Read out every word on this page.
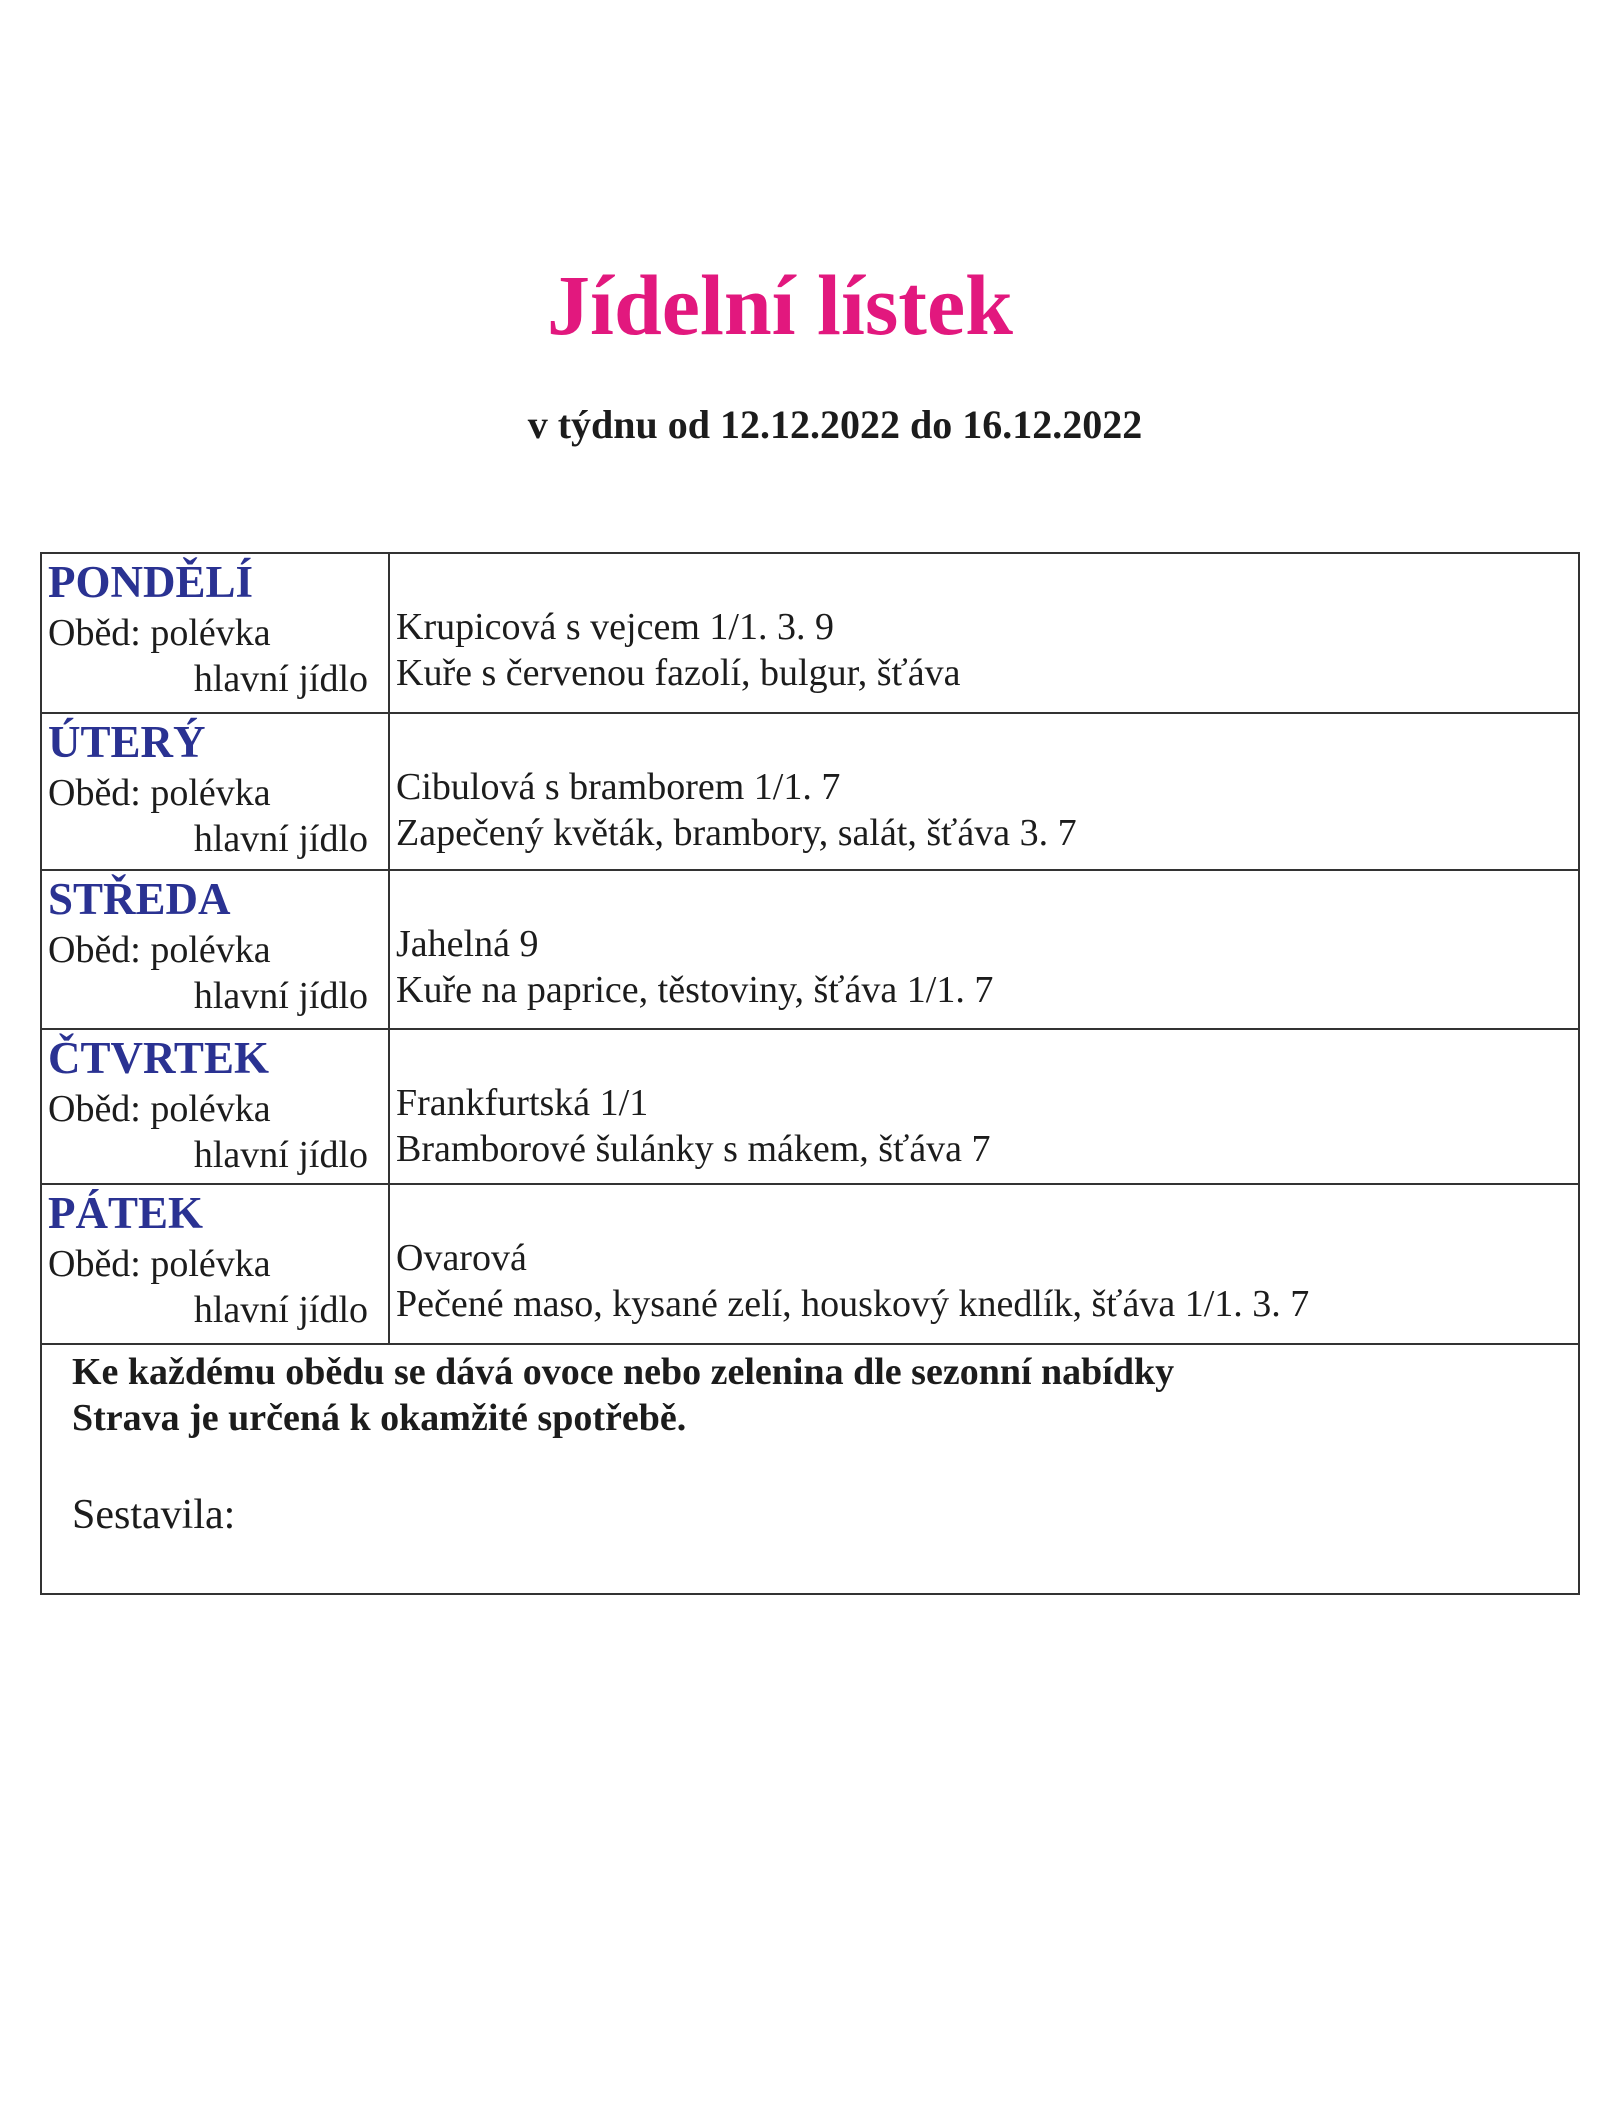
Jídelní lístek
v týdnu od 12.12.2022 do 16.12.2022
PONDĚLÍ
Oběd: polévka
hlavní jídlo
Krupicová s vejcem 1/1. 3. 9
Kuře s červenou fazolí, bulgur, šťáva
ÚTERÝ
Oběd: polévka
hlavní jídlo
Cibulová s bramborem 1/1. 7
Zapečený květák, brambory, salát, šťáva 3. 7
STŘEDA
Oběd: polévka
hlavní jídlo
Jahelná 9
Kuře na paprice, těstoviny, šťáva 1/1. 7
ČTVRTEK
Oběd: polévka
hlavní jídlo
Frankfurtská 1/1
Bramborové šulánky s mákem, šťáva 7
PÁTEK
Oběd: polévka
hlavní jídlo
Ovarová
Pečené maso, kysané zelí, houskový knedlík, šťáva 1/1. 3. 7
Ke každému obědu se dává ovoce nebo zelenina dle sezonní nabídky
Strava je určená k okamžité spotřebě.
Sestavila:
